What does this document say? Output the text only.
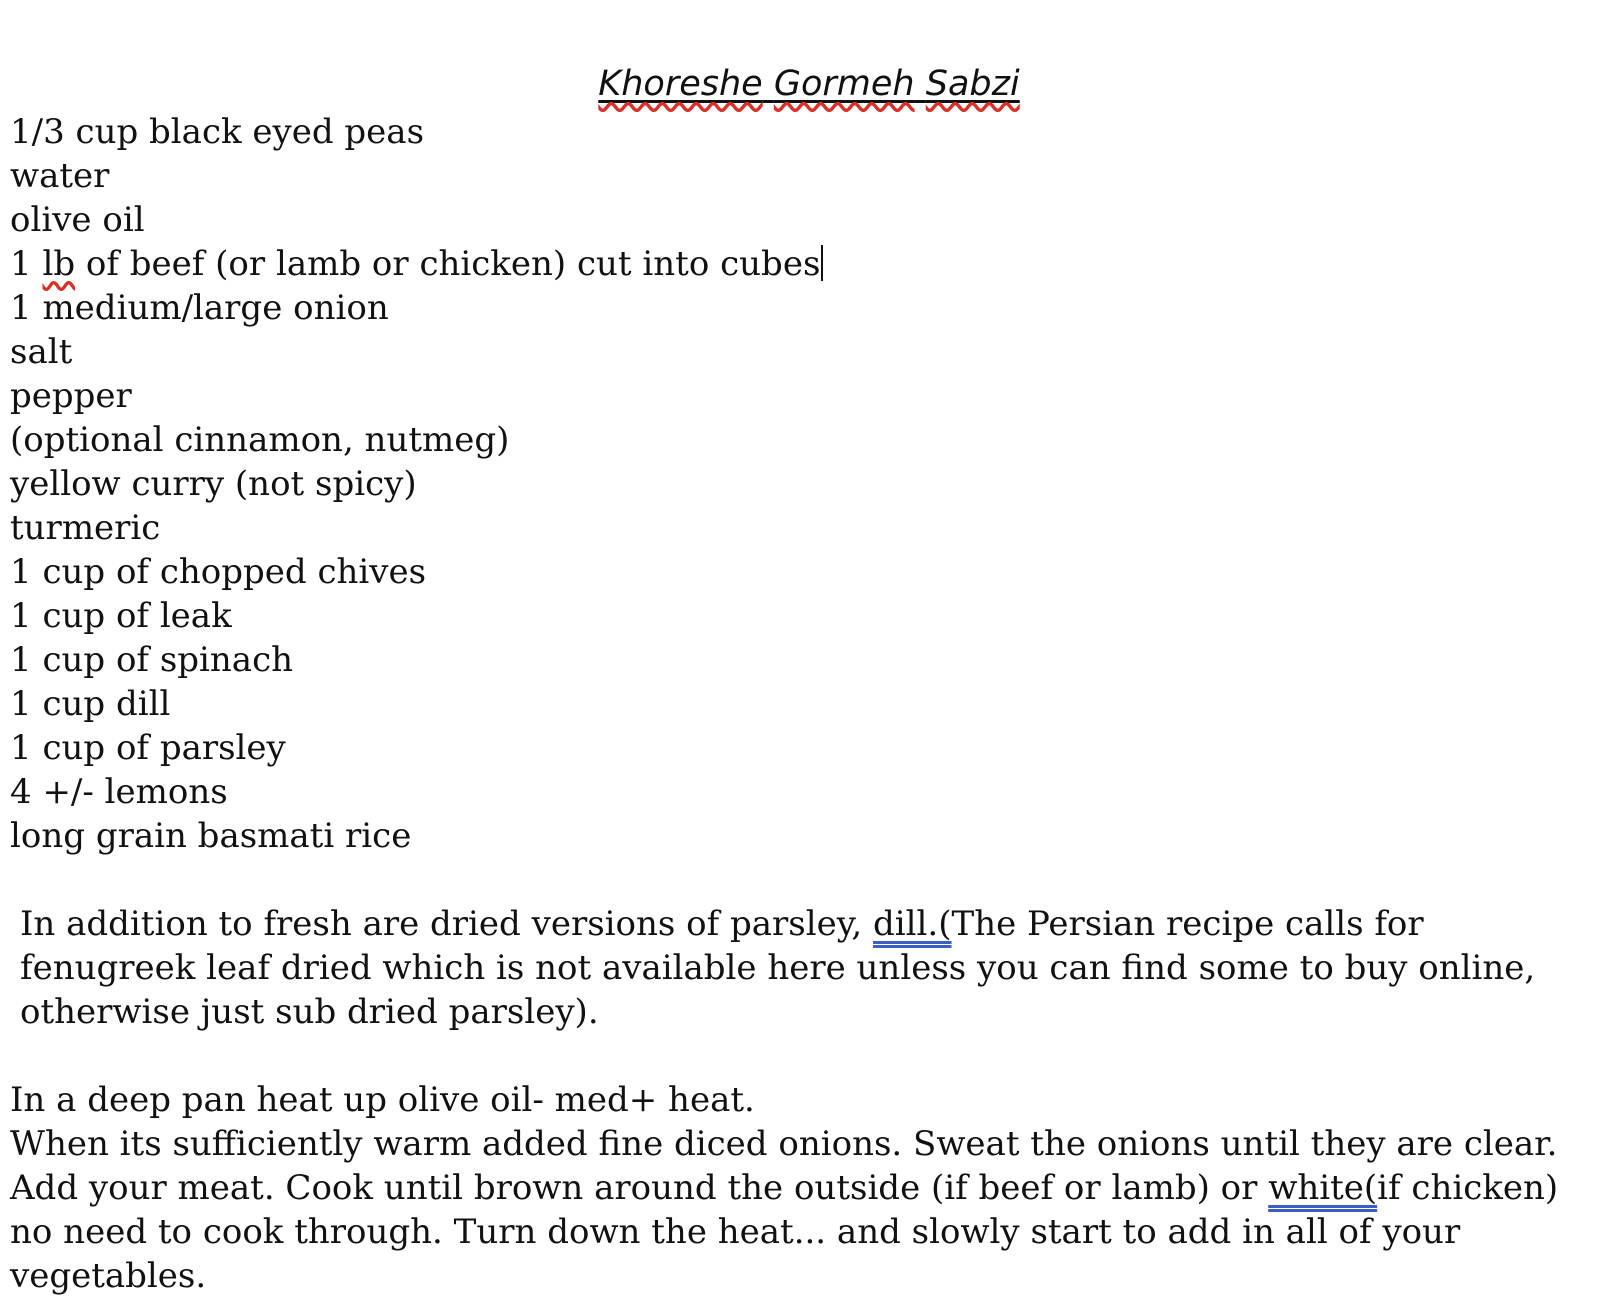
Khoreshe Gormeh Sabzi
1/3 cup black eyed peas
water
olive oil
1 lb of beef (or lamb or chicken) cut into cubes
1 medium/large onion
salt
pepper
(optional cinnamon, nutmeg)
yellow curry (not spicy)
turmeric
1 cup of chopped chives
1 cup of leak
1 cup of spinach
1 cup dill
1 cup of parsley
4 +/- lemons
long grain basmati rice

In addition to fresh are dried versions of parsley, dill.(The Persian recipe calls for fenugreek leaf dried which is not available here unless you can find some to buy online, otherwise just sub dried parsley).

In a deep pan heat up olive oil- med+ heat.

When its sufficiently warm added fine diced onions. Sweat the onions until they are clear. Add your meat. Cook until brown around the outside (if beef or lamb) or white(if chicken) no need to cook through. Turn down the heat... and slowly start to add in all of your vegetables.
